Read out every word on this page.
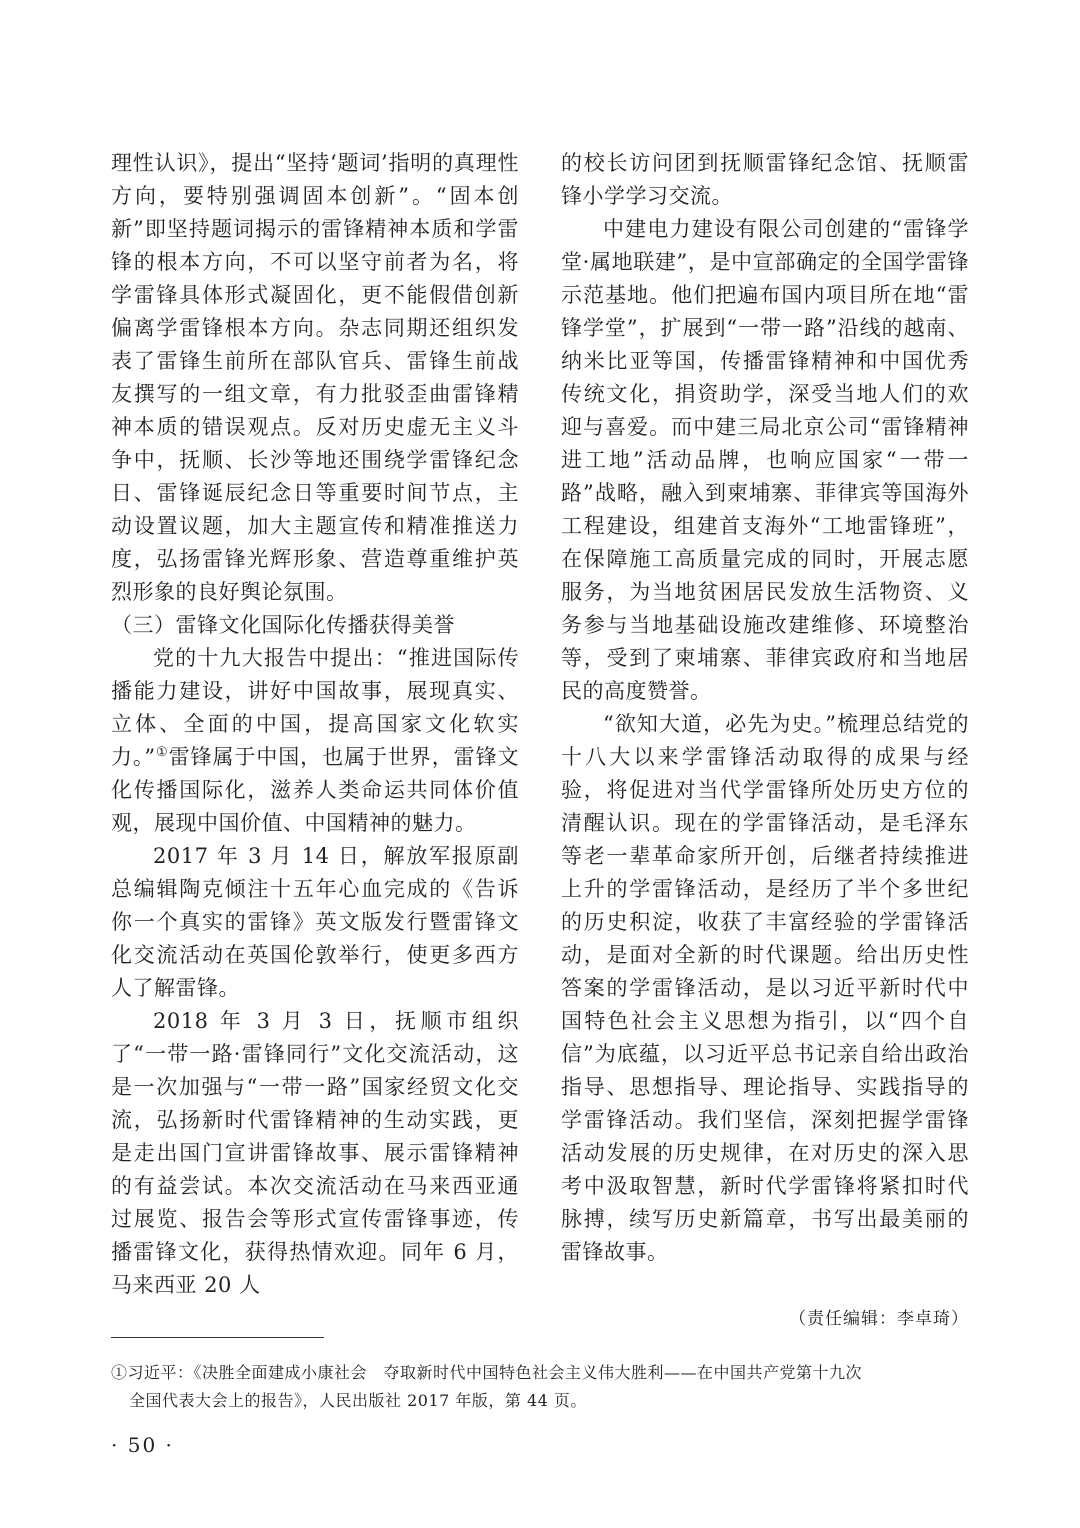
理性认识》，提出“坚持‘题词’指明的真理性方向，要特别强调固本创新”。“固本创新”即坚持题词揭示的雷锋精神本质和学雷锋的根本方向，不可以坚守前者为名，将学雷锋具体形式凝固化，更不能假借创新偏离学雷锋根本方向。杂志同期还组织发表了雷锋生前所在部队官兵、雷锋生前战友撰写的一组文章，有力批驳歪曲雷锋精神本质的错误观点。反对历史虚无主义斗争中，抚顺、长沙等地还围绕学雷锋纪念日、雷锋诞辰纪念日等重要时间节点，主动设置议题，加大主题宣传和精准推送力度，弘扬雷锋光辉形象、营造尊重维护英烈形象的良好舆论氛围。

（三）雷锋文化国际化传播获得美誉

党的十九大报告中提出：“推进国际传播能力建设，讲好中国故事，展现真实、立体、全面的中国，提高国家文化软实力。”①雷锋属于中国，也属于世界，雷锋文化传播国际化，滋养人类命运共同体价值观，展现中国价值、中国精神的魅力。

2017 年 3 月 14 日，解放军报原副总编辑陶克倾注十五年心血完成的《告诉你一个真实的雷锋》英文版发行暨雷锋文化交流活动在英国伦敦举行，使更多西方人了解雷锋。

2018 年 3 月 3 日，抚顺市组织了“一带一路·雷锋同行”文化交流活动，这是一次加强与“一带一路”国家经贸文化交流，弘扬新时代雷锋精神的生动实践，更是走出国门宣讲雷锋故事、展示雷锋精神的有益尝试。本次交流活动在马来西亚通过展览、报告会等形式宣传雷锋事迹，传播雷锋文化，获得热情欢迎。同年 6 月，马来西亚 20 人

的校长访问团到抚顺雷锋纪念馆、抚顺雷锋小学学习交流。

中建电力建设有限公司创建的“雷锋学堂·属地联建”，是中宣部确定的全国学雷锋示范基地。他们把遍布国内项目所在地“雷锋学堂”，扩展到“一带一路”沿线的越南、纳米比亚等国，传播雷锋精神和中国优秀传统文化，捐资助学，深受当地人们的欢迎与喜爱。而中建三局北京公司“雷锋精神进工地”活动品牌，也响应国家“一带一路”战略，融入到柬埔寨、菲律宾等国海外工程建设，组建首支海外“工地雷锋班”，在保障施工高质量完成的同时，开展志愿服务，为当地贫困居民发放生活物资、义务参与当地基础设施改建维修、环境整治等，受到了柬埔寨、菲律宾政府和当地居民的高度赞誉。

“欲知大道，必先为史。”梳理总结党的十八大以来学雷锋活动取得的成果与经验，将促进对当代学雷锋所处历史方位的清醒认识。现在的学雷锋活动，是毛泽东等老一辈革命家所开创，后继者持续推进上升的学雷锋活动，是经历了半个多世纪的历史积淀，收获了丰富经验的学雷锋活动，是面对全新的时代课题。给出历史性答案的学雷锋活动，是以习近平新时代中国特色社会主义思想为指引，以“四个自信”为底蕴，以习近平总书记亲自给出政治指导、思想指导、理论指导、实践指导的学雷锋活动。我们坚信，深刻把握学雷锋活动发展的历史规律，在对历史的深入思考中汲取智慧，新时代学雷锋将紧扣时代脉搏，续写历史新篇章，书写出最美丽的雷锋故事。

（责任编辑：李卓琦）

①习近平：《决胜全面建成小康社会　夺取新时代中国特色社会主义伟大胜利——在中国共产党第十九次
全国代表大会上的报告》，人民出版社 2017 年版，第 44 页。
· 50 ·
